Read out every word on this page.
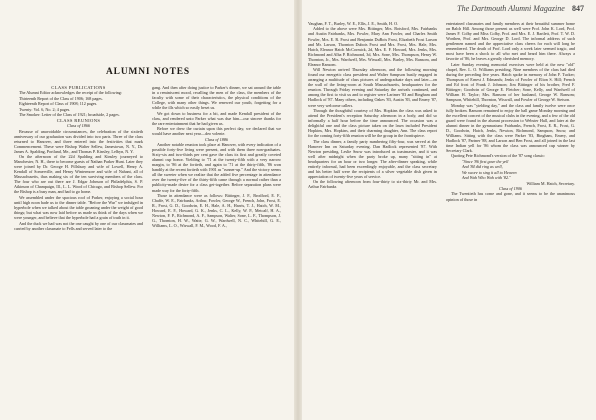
ALUMNI NOTES

CLASS PUBLICATIONS

The Alumni Editor acknowledges the receipt of the following:

Thirteenth Report of the Class of 1906; 168 pages.

Eighteenth Report of Class of 1908; 112 pages.

Twenty: Vol. 6, No. 2; 4 pages.

The Smoker: Letter of the Class of 1921; broadside, 2 pages.

CLASS REUNIONS

Class of 1866

Because of unavoidable circumstances, the celebration of the sixtieth anniversary of our graduation was divided into two parts. Three of the class returned to Hanover, and three entered into the festivities that mark Commencement. These were Bishop Walter Sellew, Jamestown, N. Y., Dr. James A. Spalding, Portland, Me., and Thomas P. Kinsley, Lelbyn, N. Y.

On the afternoon of the 22d Spalding and Kinsley journeyed to Manchester, N. H., there to become guests of Nathan Parker Hunt. Later they were joined by Dr. George H. Pillsbury and wife of Lowell, Henry A. Kendall of Somerville, and Henry Wintermore and wife of Nahant, all of Massachusetts, thus making six of the ten surviving members of the class. The four who are out there are J. Edgar Johnson of Philadelphia, S. P. Atkinson of Champaign, Ill., L. L. Wood of Chicago, and Bishop Sellew. For the Bishop is a busy man, and had to go home.

We assembled under the spacious roof of Parker, enjoying a social hour until high noon bade us to the dinner table. "Before the War" we indulged in hyperbole when we talked about the table groaning under the weight of good things; but what was now laid before us made us think of the days when we were younger, and believe that the hyperbole had a grain of truth in it.

And the duck we had was not the one caught by one of our classmates and carried by another classmate to Fells and served later to the

gang. And then after doing justice to Parker's dinner, we sat around the table in a reminiscent mood, recalling the men of the class, the members of the faculty with some of their characteristics, the physical conditions of the College, with many other things. We renewed our youth, forgetting for a while the ills which so easily beset us.

We got down to business for a bit, and made Kendall president of the class, and rendered unto Parker what was due him—our sincere thanks for the rare entertainment that he had given us.

Before we drew the curtain upon this perfect day, we declared that we would have another next year—deo volente.

Class of 1886

Another notable reunion took place at Hanover, with every indication of a possible forty-five living were present, and with them three non-graduates. Sixty-six and two-thirds per cent gave the class its first and greatly coveted alumni cup honor. Yielding to '71 at the twenty-fifth with a very narrow margin, to '86 at the fortieth, and again to '71 at the thirty-fifth, '86 won handily at the recent fortieth with 1901 as "runner-up." And the victory seems all the sweeter when we realize that the added five percentage in attendance over the twenty-five of the thirty-fifth came through a normal rather than a publicity-made desire for a class get-together. Before separation plans were made way for the forty-fifth.

Those in attendance were as follows: Bittinger, J. F., Brodford, E. F., Chaffe, W. E., Fairbanks, Arthur, Fowler, George W., French, John, Frost, E. R., Frost, G. D., Goodwin, E. H., Hale, A. H., Harris, T. J., Hatch, W. M., Howard, E. F., Howard, G. K., Jenks, C. L., Kelly, W. P., Metcalf, H. A., Newton, F. P., Richmond, A. F., Sampson, Walter, Sone, L. F., Thompson, J. G., Thornton, H. W., Waite, G. W., Wardwell, N. C., Whitehill, G. E., Williams, L. O., Wiswall, F. M., Wood, F. A.,

The Dartmouth Alumni Magazine 847

Vaughan, F. T., Burley, W. E., Ellis, J. E., Smith, H. O.

Added to the above were Mrs. Bittinger, Mrs. Botsford, Mrs. Fairbanks and Austin Fairbanks, Mrs. Fowler, Mary Ann Fowler, and Charles Smith Fowler, Mrs. E. R. Frost and Benjamin DuBois Frost, Elizabeth Frost Larson and Mr. Larson, Thornton Dubois Frost and Mrs. Frost, Mrs. Hale, Mrs. Hatch, Eleanor Hatch McCormick, 2d, Mrs. E. F. Howard, Mrs. Jenks, Mrs. Richmond and Alba P. Richmond, 3d, Mrs. Sone, Mrs. Thompson, Henry W. Thornton, Jr., Mrs. Wardwell, Mrs. Wiswall, Mrs. Burley, Mrs. Ransom, and Eleanor Ransom.

Will Newton arrived Thursday afternoon, and the following morning found our energetic class president and Walter Sampson busily engaged in arranging a multitude of class pictures of undergraduate days and later—on the wall of the living-room at South Massachusetts, headquarters for the reunion. Through Friday evening and Saturday the arrivals continued, and among the first to visit us and to register were Larimer '83 and Bingham and Hadlock of '87. Many others, including Oakes '83, Austin '83, and Emery '87, were very welcome callers.

Through the thoughtful courtesy of Mrs. Hopkins the class was asked to attend the President's reception Saturday afternoon in a body, and did so informally a half hour before the time announced. The occasion was a delightful one and the class picture taken on the lawn included President Hopkins, Mrs. Hopkins, and their charming daughter, Ann. The class report for the coming forty-fifth reunion will be the group in the frontispiece.

The class dinner, a family party numbering fifty-four, was served at the Hanover Inn on Saturday evening. Dan Hadlock represented '87. With Newton presiding, Leslie Snow was introduced as toastmaster, and it was well after midnight when the party broke up, many "sitting in" at headquarters for an hour or two longer. The after-dinner speaking, while entirely informal, had been exceedingly enjoyable, and the class secretary and his better half were the recipients of a silver vegetable dish given in appreciation of twenty-five years of service.

On the following afternoon from four-thirty to six-thirty Mr. and Mrs. Arthur Fairbanks

entertained classmates and family members at their beautiful summer home on Balch Hill. Among those present as well were Prof. John K. Lord, Prof. James F. Colby and Miss Colby, Prof. and Mrs. E. J. Bartlett, Prof. T. W. D. Worthen, Prof. and Mrs. George D. Lord. The informal address of such gentlemen named and the appreciative class cheers for each will long be remembered. The death of Prof. Lord only a week later seemed tragic, and most have been a shock to all who met and heard him there. Always a favorite of '86, he leaves a greatly cherished memory.

Later Sunday evening memorial exercises were held at the new "old" chapel, Rev. L. O. Williams presiding. Nine members of the class had died during the preceding five years. Hatch spoke in memory of John F. Tucker; Thompson of Ernest J. Edmands; Jenks of Fowler of Elton S. Hill; French and Ed frost of Frank J. Johnson; Jim Bittinger of his brother, Fred F. Bittinger; Goodwin of George E. Fletcher; Sone, Kelly, and Wardwell of William H. Taylor; Mrs. Ransom of her husband, George W. Ransom; Sampson, Whitehill, Thornton, Wiswall, and Fowler of George W. Stetson.

Monday was "yielding day," and the class and family twelve were once fully broken. Ransom remained to enjoy the ball game Monday morning and the excellent concert of the musical clubs in the evening, and a few of the old guard were found in the alumni procession to Webster Hall, and later at the alumni dinner in the gymnasium: Fairbanks, French, Frost, E. R., Frost, G. D., Goodwin, Hatch, Jenks, Newton, Richmond, Sampson, Snow, and Williams. Sitting with the class were Parker '83, Bingham, Emery, and Hadlock '87, Partner '88, and Larson and Ben Frost, and all joined in the last time Indian yell for '86 whom the class was announced cup winner by Secretary Clark.

Quoting Pete Richmond's version of the '87 song classic:

"Since '86 first gave the yell

And '84 did ring as well,

We swore to sing it all to Heaven

And Wah Who Wah with '82."

William M. Hatch, Secretary.

Class of 1906

The Twentieth has come and gone, and it seems to be the unanimous opinion of those in
